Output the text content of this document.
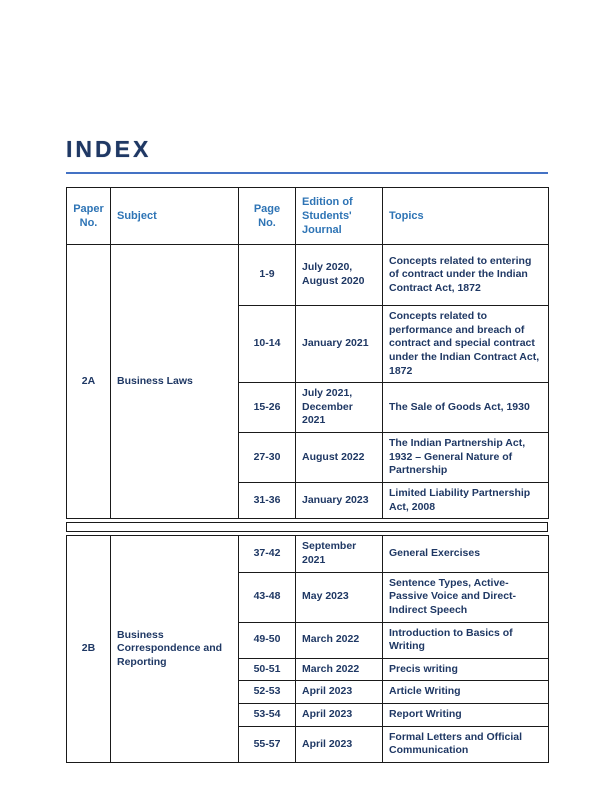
INDEX
Paper No.	Subject	Page No.	Edition of Students' Journal	Topics
2A	Business Laws	1-9	July 2020, August 2020	Concepts related to entering of contract under the Indian Contract Act, 1872
		10-14	January 2021	Concepts related to performance and breach of contract and special contract under the Indian Contract Act, 1872
		15-26	July 2021, December 2021	The Sale of Goods Act, 1930
		27-30	August 2022	The Indian Partnership Act, 1932 – General Nature of Partnership
		31-36	January 2023	Limited Liability Partnership Act, 2008
2B	Business Correspondence and Reporting	37-42	September 2021	General Exercises
		43-48	May 2023	Sentence Types, Active-Passive Voice and Direct-Indirect Speech
		49-50	March 2022	Introduction to Basics of Writing
		50-51	March 2022	Precis writing
		52-53	April 2023	Article Writing
		53-54	April 2023	Report Writing
		55-57	April 2023	Formal Letters and Official Communication
